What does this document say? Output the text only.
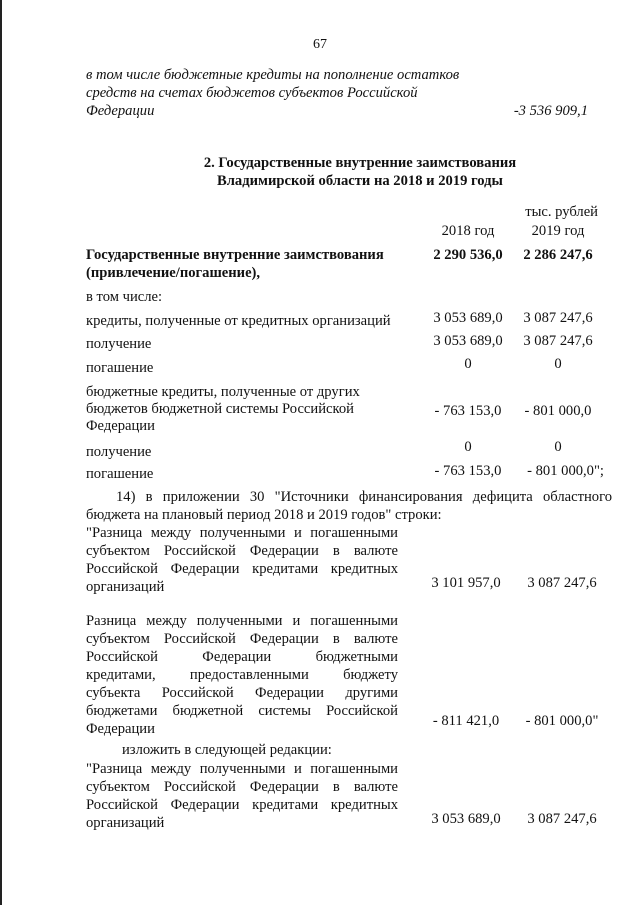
67
в том числе бюджетные кредиты на пополнение остатков
средств на счетах бюджетов субъектов Российской
Федерации	-3 536 909,1
2. Государственные внутренние заимствования
Владимирской области на 2018 и 2019 годы
тыс. рублей
2018 год	2019 год
Государственные внутренние заимствования
(привлечение/погашение),
2 290 536,0	2 286 247,6
в том числе:
кредиты, полученные от кредитных организаций	3 053 689,0	3 087 247,6
получение	3 053 689,0	3 087 247,6
погашение	0	0
бюджетные кредиты, полученные от других
бюджетов бюджетной системы Российской
Федерации
- 763 153,0	- 801 000,0
получение	0	0
погашение	- 763 153,0	- 801 000,0";
14) в приложении 30 "Источники финансирования дефицита областного
бюджета на плановый период 2018 и 2019 годов" строки:
"Разница между полученными и погашенными
субъектом Российской Федерации в валюте
Российской Федерации кредитами кредитных
организаций	3 101 957,0	3 087 247,6
Разница между полученными и погашенными
субъектом Российской Федерации в валюте
Российской Федерации бюджетными
кредитами, предоставленными бюджету
субъекта Российской Федерации другими
бюджетами бюджетной системы Российской
Федерации	- 811 421,0	- 801 000,0"
изложить в следующей редакции:
"Разница между полученными и погашенными
субъектом Российской Федерации в валюте
Российской Федерации кредитами кредитных
организаций	3 053 689,0	3 087 247,6
